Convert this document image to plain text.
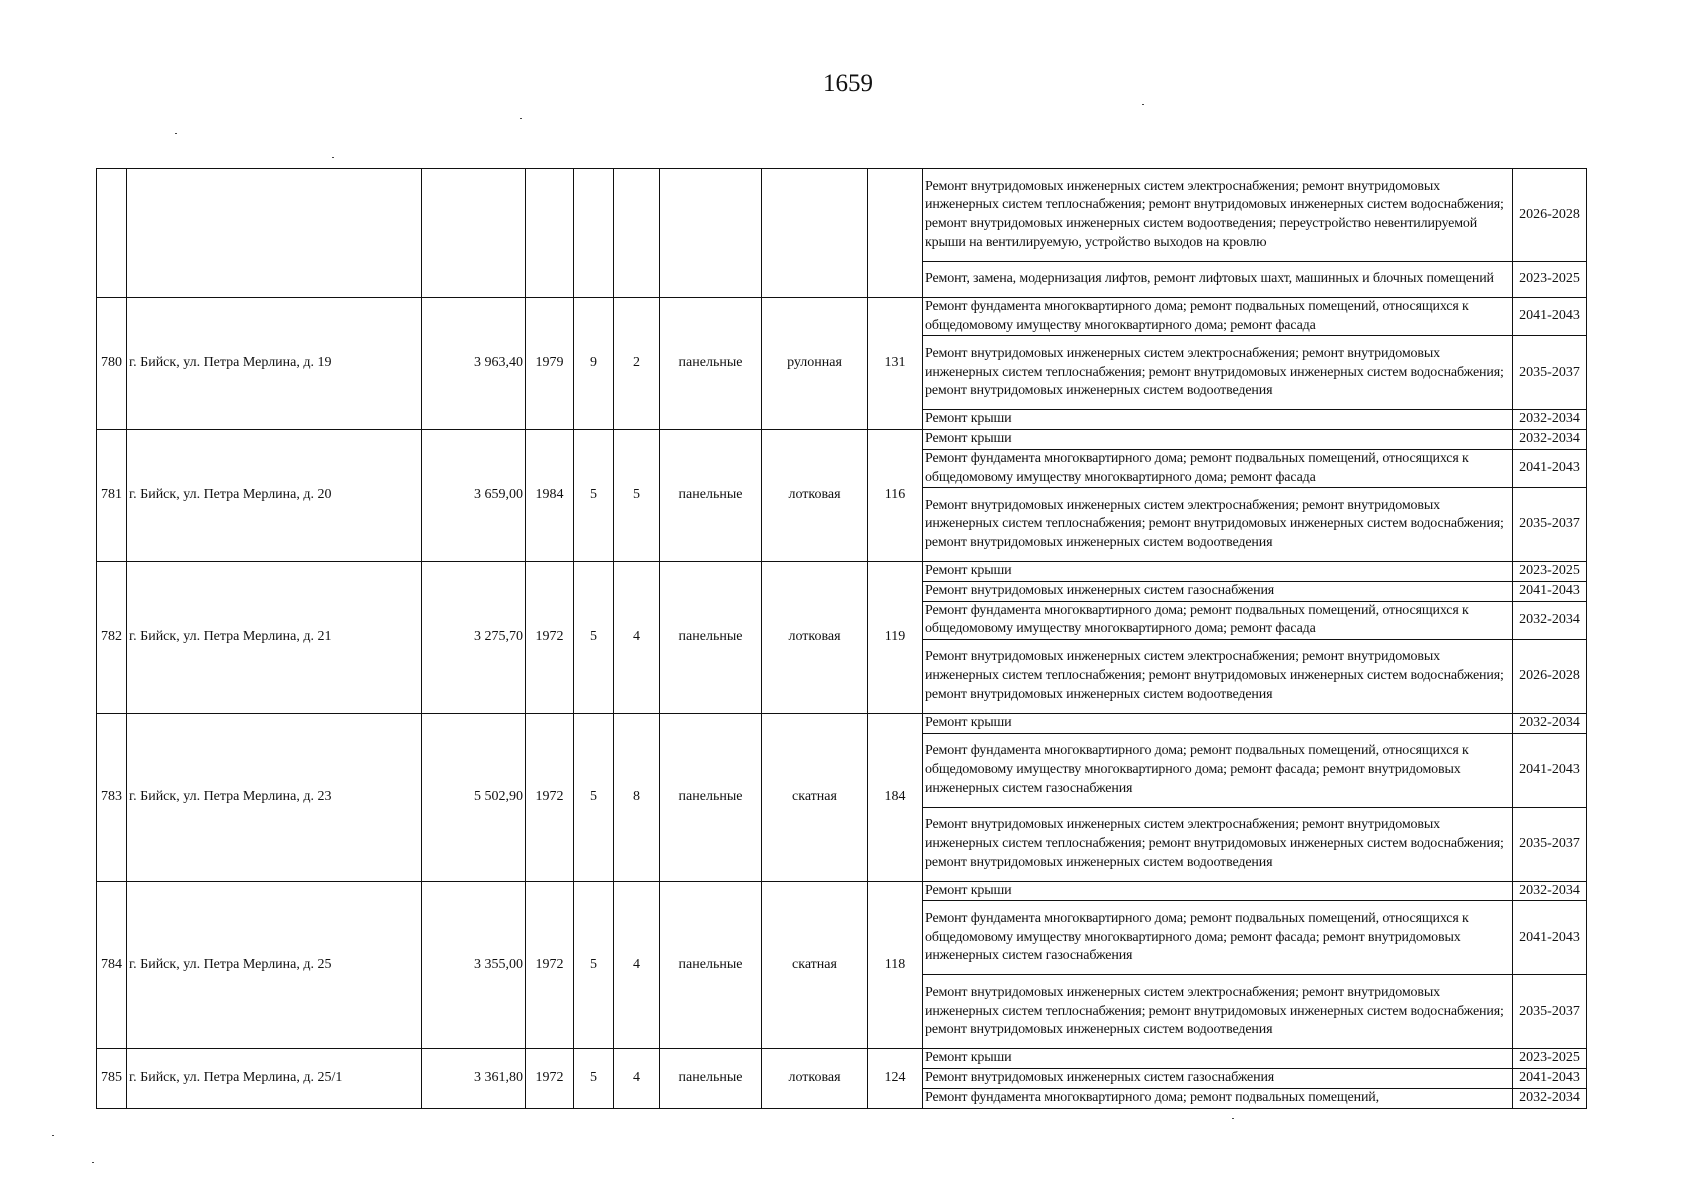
1659
									Ремонт внутридомовых инженерных систем электроснабжения; ремонт внутридомовых инженерных систем теплоснабжения; ремонт внутридомовых инженерных систем водоснабжения; ремонт внутридомовых инженерных систем водоотведения; переустройство невентилируемой крыши на вентилируемую, устройство выходов на кровлю	2026-2028
									Ремонт, замена, модернизация лифтов, ремонт лифтовых шахт, машинных и блочных помещений	2023-2025
780	г. Бийск, ул. Петра Мерлина, д. 19	3 963,40	1979	9	2	панельные	рулонная	131	Ремонт фундамента многоквартирного дома; ремонт подвальных помещений, относящихся к общедомовому имуществу многоквартирного дома; ремонт фасада	2041-2043
									Ремонт внутридомовых инженерных систем электроснабжения; ремонт внутридомовых инженерных систем теплоснабжения; ремонт внутридомовых инженерных систем водоснабжения; ремонт внутридомовых инженерных систем водоотведения	2035-2037
									Ремонт крыши	2032-2034
781	г. Бийск, ул. Петра Мерлина, д. 20	3 659,00	1984	5	5	панельные	лотковая	116	Ремонт крыши	2032-2034
									Ремонт фундамента многоквартирного дома; ремонт подвальных помещений, относящихся к общедомовому имуществу многоквартирного дома; ремонт фасада	2041-2043
									Ремонт внутридомовых инженерных систем электроснабжения; ремонт внутридомовых инженерных систем теплоснабжения; ремонт внутридомовых инженерных систем водоснабжения; ремонт внутридомовых инженерных систем водоотведения	2035-2037
782	г. Бийск, ул. Петра Мерлина, д. 21	3 275,70	1972	5	4	панельные	лотковая	119	Ремонт крыши	2023-2025
									Ремонт внутридомовых инженерных систем газоснабжения	2041-2043
									Ремонт фундамента многоквартирного дома; ремонт подвальных помещений, относящихся к общедомовому имуществу многоквартирного дома; ремонт фасада	2032-2034
									Ремонт внутридомовых инженерных систем электроснабжения; ремонт внутридомовых инженерных систем теплоснабжения; ремонт внутридомовых инженерных систем водоснабжения; ремонт внутридомовых инженерных систем водоотведения	2026-2028
783	г. Бийск, ул. Петра Мерлина, д. 23	5 502,90	1972	5	8	панельные	скатная	184	Ремонт крыши	2032-2034
									Ремонт фундамента многоквартирного дома; ремонт подвальных помещений, относящихся к общедомовому имуществу многоквартирного дома; ремонт фасада; ремонт внутридомовых инженерных систем газоснабжения	2041-2043
									Ремонт внутридомовых инженерных систем электроснабжения; ремонт внутридомовых инженерных систем теплоснабжения; ремонт внутридомовых инженерных систем водоснабжения; ремонт внутридомовых инженерных систем водоотведения	2035-2037
784	г. Бийск, ул. Петра Мерлина, д. 25	3 355,00	1972	5	4	панельные	скатная	118	Ремонт крыши	2032-2034
									Ремонт фундамента многоквартирного дома; ремонт подвальных помещений, относящихся к общедомовому имуществу многоквартирного дома; ремонт фасада; ремонт внутридомовых инженерных систем газоснабжения	2041-2043
									Ремонт внутридомовых инженерных систем электроснабжения; ремонт внутридомовых инженерных систем теплоснабжения; ремонт внутридомовых инженерных систем водоснабжения; ремонт внутридомовых инженерных систем водоотведения	2035-2037
785	г. Бийск, ул. Петра Мерлина, д. 25/1	3 361,80	1972	5	4	панельные	лотковая	124	Ремонт крыши	2023-2025
									Ремонт внутридомовых инженерных систем газоснабжения	2041-2043
									Ремонт фундамента многоквартирного дома; ремонт подвальных помещений,	2032-2034
